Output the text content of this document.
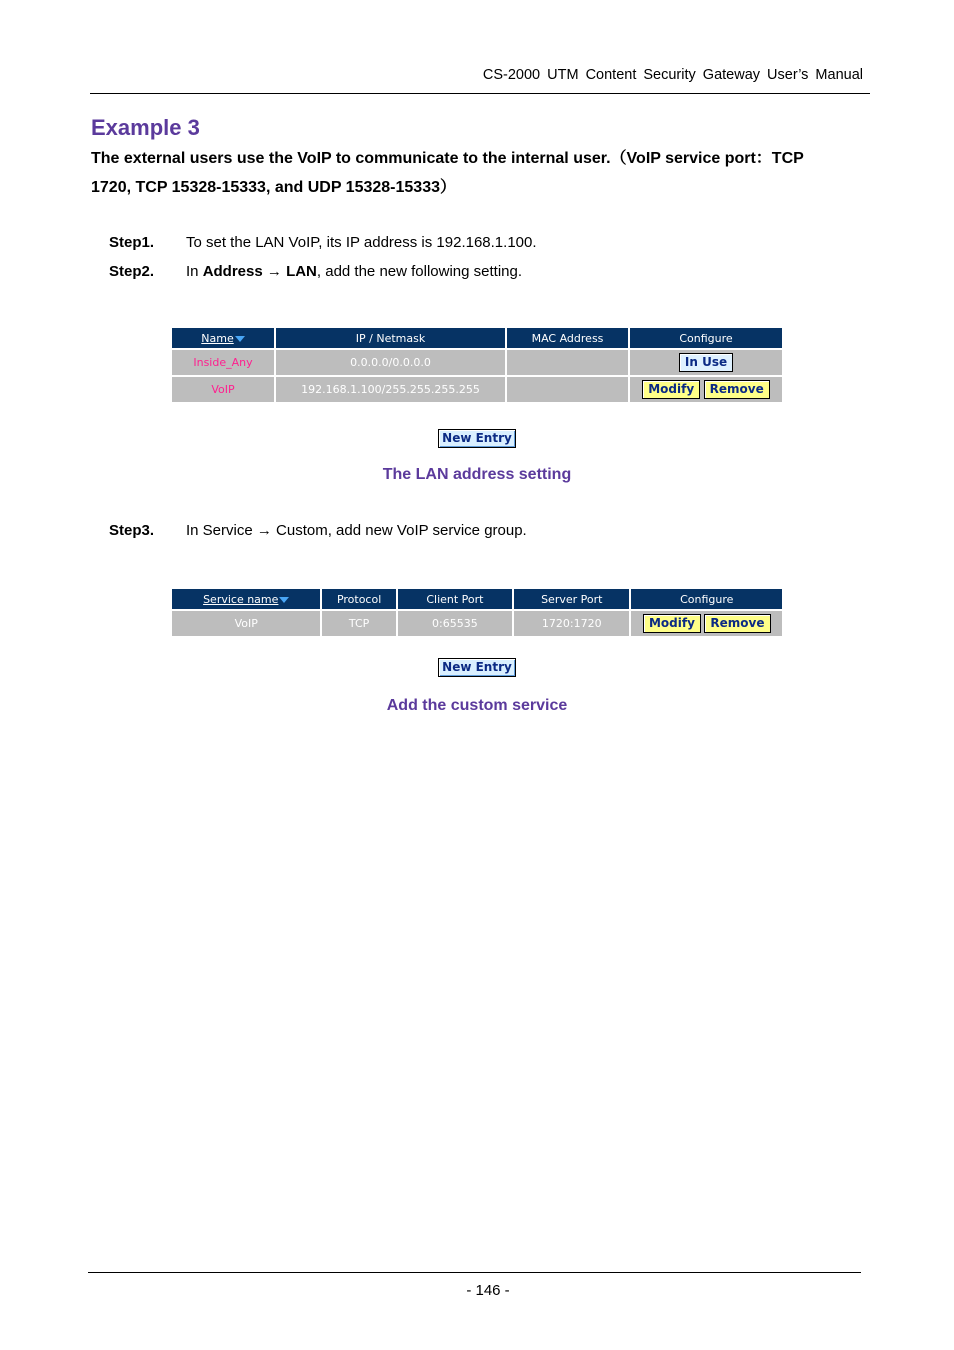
CS-2000 UTM Content Security Gateway User’s Manual
Example 3
The external users use the VoIP to communicate to the internal user.（VoIP service port：TCP
1720, TCP 15328-15333, and UDP 15328-15333）
Step1. To set the LAN VoIP, its IP address is 192.168.1.100.
Step2. In Address → LAN, add the new following setting.
Name	IP / Netmask	MAC Address	Configure
Inside_Any	0.0.0.0/0.0.0.0		In Use
VoIP	192.168.1.100/255.255.255.255		Modify Remove
New Entry
The LAN address setting
Step3. In Service → Custom, add new VoIP service group.
Service name	Protocol	Client Port	Server Port	Configure
VoIP	TCP	0:65535	1720:1720	Modify Remove
New Entry
Add the custom service
- 146 -
